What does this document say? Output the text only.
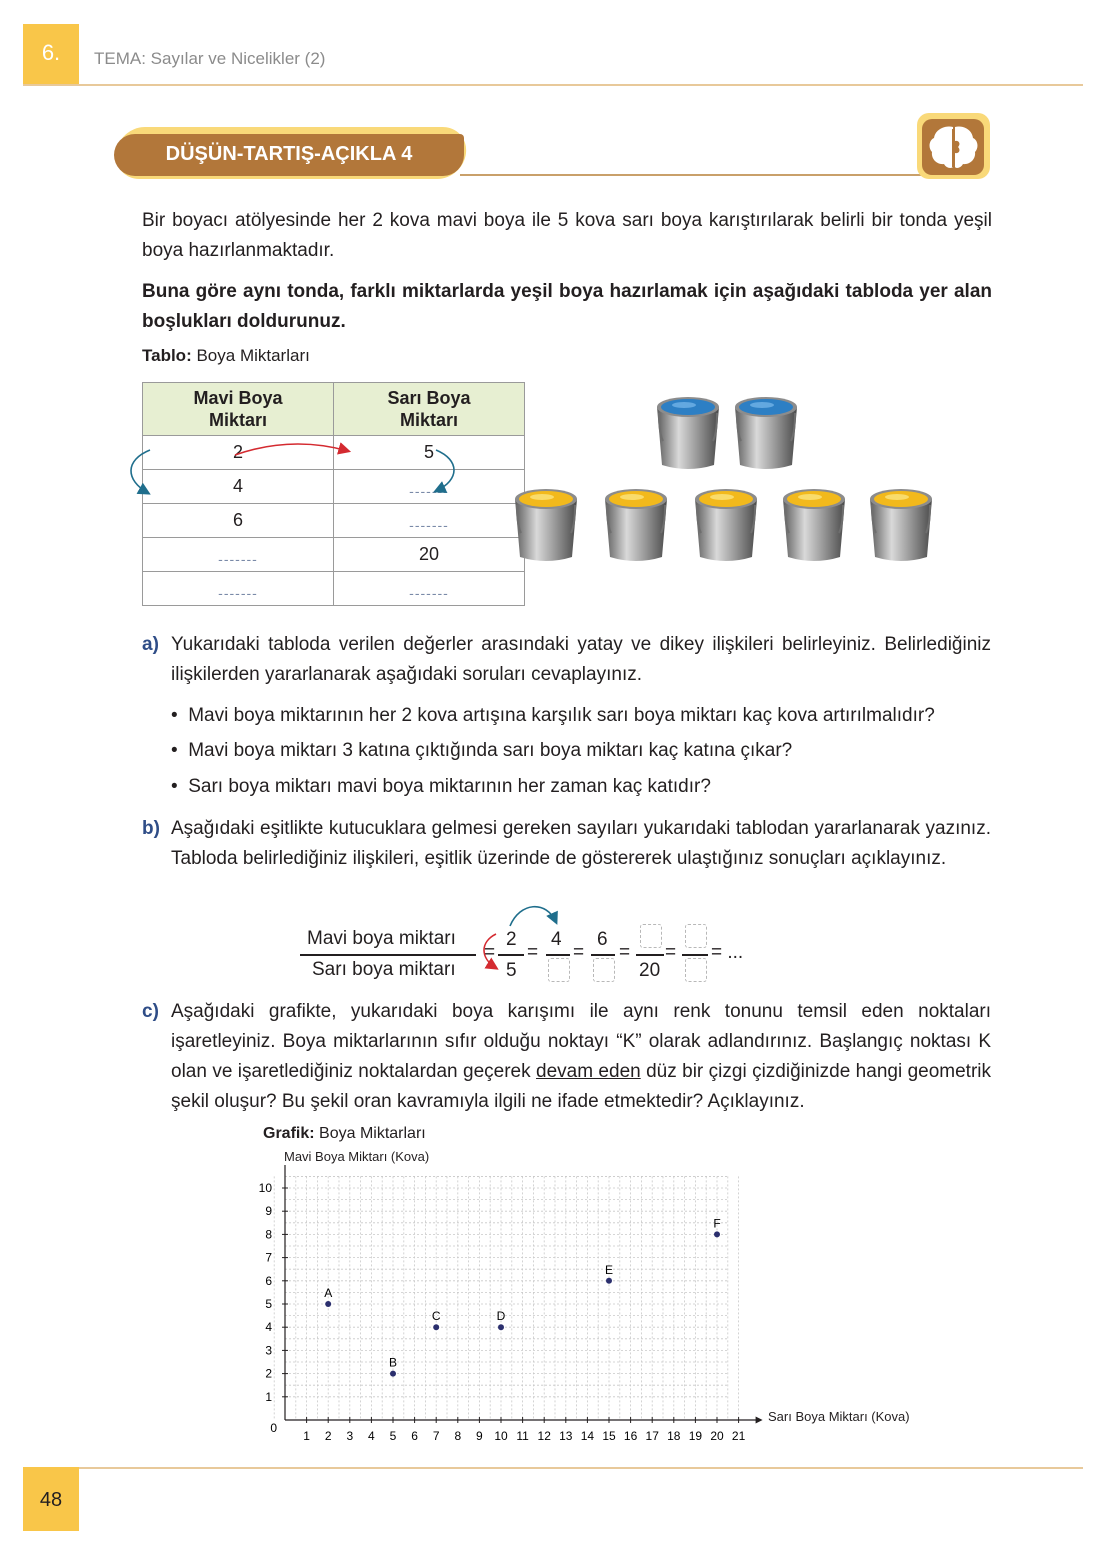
6.	TEMA: Sayılar ve Nicelikler (2)
DÜŞÜN-TARTIŞ-AÇIKLA 4
Bir boyacı atölyesinde her 2 kova mavi boya ile 5 kova sarı boya karıştırılarak belirli bir tonda yeşil boya hazırlanmaktadır.
Buna göre aynı tonda, farklı miktarlarda yeşil boya hazırlamak için aşağıdaki tabloda yer alan boşlukları doldurunuz.
Tablo: Boya Miktarları
Mavi Boya Miktarı	Sarı Boya Miktarı
2	5
4	-------
6	-------
-------	20
-------	-------
a) Yukarıdaki tabloda verilen değerler arasındaki yatay ve dikey ilişkileri belirleyiniz. Belirlediğiniz ilişkilerden yararlanarak aşağıdaki soruları cevaplayınız.
•  Mavi boya miktarının her 2 kova artışına karşılık sarı boya miktarı kaç kova artırılmalıdır?
•  Mavi boya miktarı 3 katına çıktığında sarı boya miktarı kaç katına çıkar?
•  Sarı boya miktarı mavi boya miktarının her zaman kaç katıdır?
b) Aşağıdaki eşitlikte kutucuklara gelmesi gereken sayıları yukarıdaki tablodan yararlanarak yazınız. Tabloda belirlediğiniz ilişkileri, eşitlik üzerinde de göstererek ulaştığınız sonuçları açıklayınız.
Mavi boya miktarı
Sarı boya miktarı
=
2
5
=
4
=
6
=
20
= = ...
c) Aşağıdaki grafikte, yukarıdaki boya karışımı ile aynı renk tonunu temsil eden noktaları işaretleyiniz. Boya miktarlarının sıfır olduğu noktayı “K” olarak adlandırınız. Başlangıç noktası K olan ve işaretlediğiniz noktalardan geçerek devam eden düz bir çizgi çizdiğinizde hangi geometrik şekil oluşur? Bu şekil oran kavramıyla ilgili ne ifade etmektedir? Açıklayınız.
Grafik: Boya Miktarları
Mavi Boya Miktarı (Kova)
Sarı Boya Miktarı (Kova)
0
1 2 3 4 5 6 7 8 9 10 11 12 13 14 15 16 17 18 19 20 21
1
2
3
4
5
6
7
8
9
10
A
B
C	D
E
F
48
